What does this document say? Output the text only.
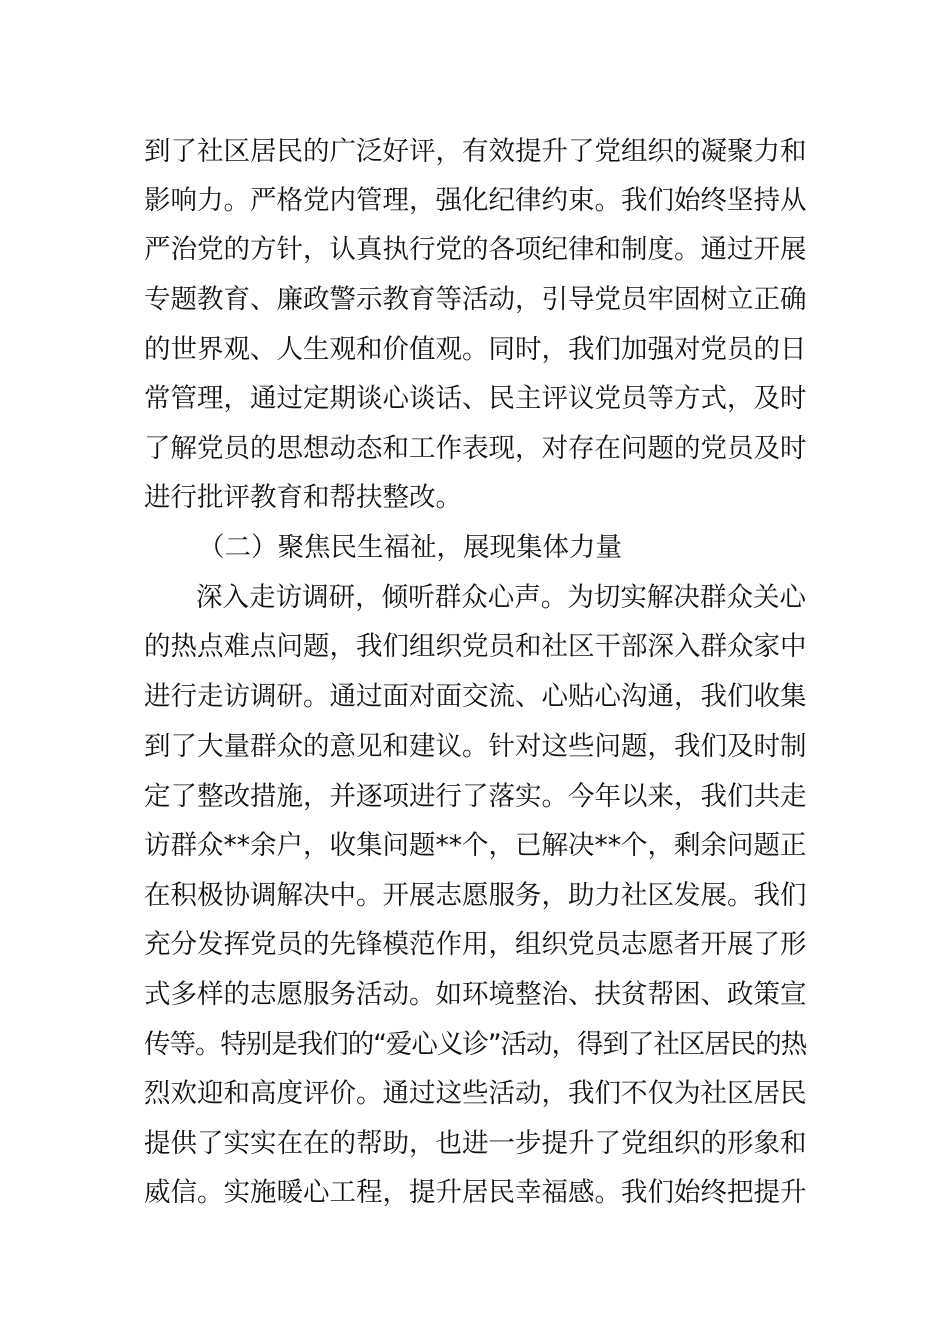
到了社区居民的广泛好评，有效提升了党组织的凝聚力和
影响力。严格党内管理，强化纪律约束。我们始终坚持从
严治党的方针，认真执行党的各项纪律和制度。通过开展
专题教育、廉政警示教育等活动，引导党员牢固树立正确
的世界观、人生观和价值观。同时，我们加强对党员的日
常管理，通过定期谈心谈话、民主评议党员等方式，及时
了解党员的思想动态和工作表现，对存在问题的党员及时
进行批评教育和帮扶整改。
（二）聚焦民生福祉，展现集体力量
深入走访调研，倾听群众心声。为切实解决群众关心
的热点难点问题，我们组织党员和社区干部深入群众家中
进行走访调研。通过面对面交流、心贴心沟通，我们收集
到了大量群众的意见和建议。针对这些问题，我们及时制
定了整改措施，并逐项进行了落实。今年以来，我们共走
访群众**余户，收集问题**个，已解决**个，剩余问题正
在积极协调解决中。开展志愿服务，助力社区发展。我们
充分发挥党员的先锋模范作用，组织党员志愿者开展了形
式多样的志愿服务活动。如环境整治、扶贫帮困、政策宣
传等。特别是我们的“爱心义诊”活动，得到了社区居民的热
烈欢迎和高度评价。通过这些活动，我们不仅为社区居民
提供了实实在在的帮助，也进一步提升了党组织的形象和
威信。实施暖心工程，提升居民幸福感。我们始终把提升
